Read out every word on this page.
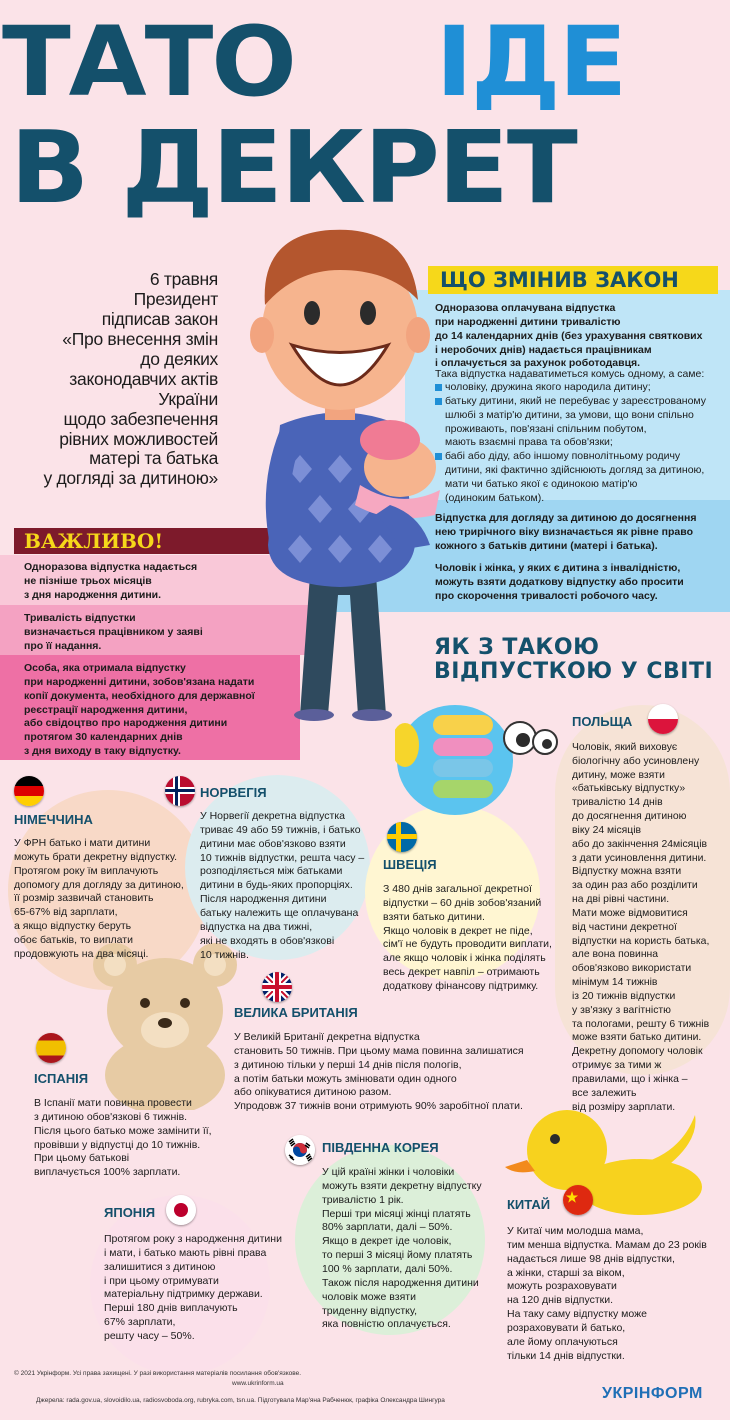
ТАТО	ІДЕ
В ДЕКРЕТ
ЩО ЗМІНИВ ЗАКОН
Одноразова оплачувана відпустка
при народженні дитини тривалістю
до 14 календарних днів (без урахування святкових
і неробочих днів) надається працівникам
і оплачується за рахунок роботодавця.
Така відпустка надаватиметься комусь одному, а саме:
чоловіку, дружина якого народила дитину;
батьку дитини, який не перебуває у зареєстрованому
шлюбі з матір'ю дитини, за умови, що вони спільно
проживають, пов'язані спільним побутом,
мають взаємні права та обов'язки;
бабі або діду, або іншому повнолітньому родичу
дитини, які фактично здійснюють догляд за дитиною,
мати чи батько якої є одинокою матір'ю
(одиноким батьком).
Відпустка для догляду за дитиною до досягнення
нею трирічного віку визначається як рівне право
кожного з батьків дитини (матері і батька).
Чоловік і жінка, у яких є дитина з інвалідністю,
можуть взяти додаткову відпустку або просити
про скорочення тривалості робочого часу.
ВАЖЛИВО!
Одноразова відпустка надається
не пізніше трьох місяців
з дня народження дитини.
Тривалість відпустки
визначається працівником у заяві
про її надання.
Особа, яка отримала відпустку
при народженні дитини, зобов'язана надати
копії документа, необхідного для державної
реєстрації народження дитини,
або свідоцтво про народження дитини
протягом 30 календарних днів
з дня виходу в таку відпустку.
6 травня
Президент
підписав закон
«Про внесення змін
до деяких
законодавчих актів
України
щодо забезпечення
рівних можливостей
матері та батька
у догляді за дитиною»
ЯК З ТАКОЮ
ВІДПУСТКОЮ У СВІТІ
ПОЛЬЩА
НІМЕЧЧИНА
НОРВЕГІЯ
ШВЕЦІЯ
ВЕЛИКА БРИТАНІЯ
ІСПАНІЯ
ПІВДЕННА КОРЕЯ
ЯПОНІЯ
КИТАЙ
Чоловік, який виховує
біологічну або усиновлену
дитину, може взяти
«батьківську відпустку»
тривалістю 14 днів
до досягнення дитиною
віку 24 місяців
або до закінчення 24місяців
з дати усиновлення дитини.
Відпустку можна взяти
за один раз або розділити
на дві рівні частини.
Мати може відмовитися
від частини декретної
відпустки на користь батька,
але вона повинна
обов'язково використати
мінімум 14 тижнів
із 20 тижнів відпустки
у зв'язку з вагітністю
та пологами, решту 6 тижнів
може взяти батько дитини.
Декретну допомогу чоловік
отримує за тими ж
правилами, що і жінка –
все залежить
від розміру зарплати.
У ФРН батько і мати дитини
можуть брати декретну відпустку.
Протягом року їм виплачують
допомогу для догляду за дитиною,
її розмір зазвичай становить
65-67% від зарплати,
а якщо відпустку беруть
обоє батьків, то виплати
продовжують на два місяці.
У Норвегії декретна відпустка
триває 49 або 59 тижнів, і батько
дитини має обов'язково взяти
10 тижнів відпустки, решта часу –
розподіляється між батьками
дитини в будь-яких пропорціях.
Після народження дитини
батьку належить ще оплачувана
відпустка на два тижні,
які не входять в обов'язкові
10 тижнів.
З 480 днів загальної декретної
відпустки – 60 днів зобов'язаний
взяти батько дитини.
Якщо чоловік в декрет не піде,
сім'ї не будуть проводити виплати,
але якщо чоловік і жінка поділять
весь декрет навпіл – отримають
додаткову фінансову підтримку.
У Великій Британії декретна відпустка
становить 50 тижнів. При цьому мама повинна залишатися
з дитиною тільки у перші 14 днів після пологів,
а потім батьки можуть змінювати один одного
або опікуватися дитиною разом.
Упродовж 37 тижнів вони отримують 90% заробітної плати.
В Іспанії мати повинна провести
з дитиною обов'язкові 6 тижнів.
Після цього батько може замінити її,
провівши у відпустці до 10 тижнів.
При цьому батькові
виплачується 100% зарплати.	У цій країні жінки і чоловіки
можуть взяти декретну відпустку
тривалістю 1 рік.
Перші три місяці жінці платять
80% зарплати, далі – 50%.
Якщо в декрет іде чоловік,
то перші 3 місяці йому платять
100 % зарплати, далі 50%.
Також після народження дитини
чоловік може взяти
триденну відпустку,
яка повністю оплачується.
Протягом року з народження дитини
і мати, і батько мають рівні права
залишитися з дитиною
і при цьому отримувати
матеріальну підтримку держави.
Перші 180 днів виплачують
67% зарплати,
решту часу – 50%.
У Китаї чим молодша мама,
тим менша відпустка. Мамам до 23 років
надається лише 98 днів відпустки,
а жінки, старші за віком,
можуть розраховувати
на 120 днів відпустки.
На таку саму відпустку може
розраховувати й батько,
але йому оплачуються
тільки 14 днів відпустки.
© 2021 Укрінформ. Усі права захищені. У разі використання матеріалів посилання обов'язкове.
www.ukrinform.ua
Джерела: rada.gov.ua, slovoidilo.ua, radiosvoboda.org, rubryka.com, tsn.ua. Підготувала Мар'яна Рабченюк, графіка Олександра Шингура	УКРІНФОРМ
